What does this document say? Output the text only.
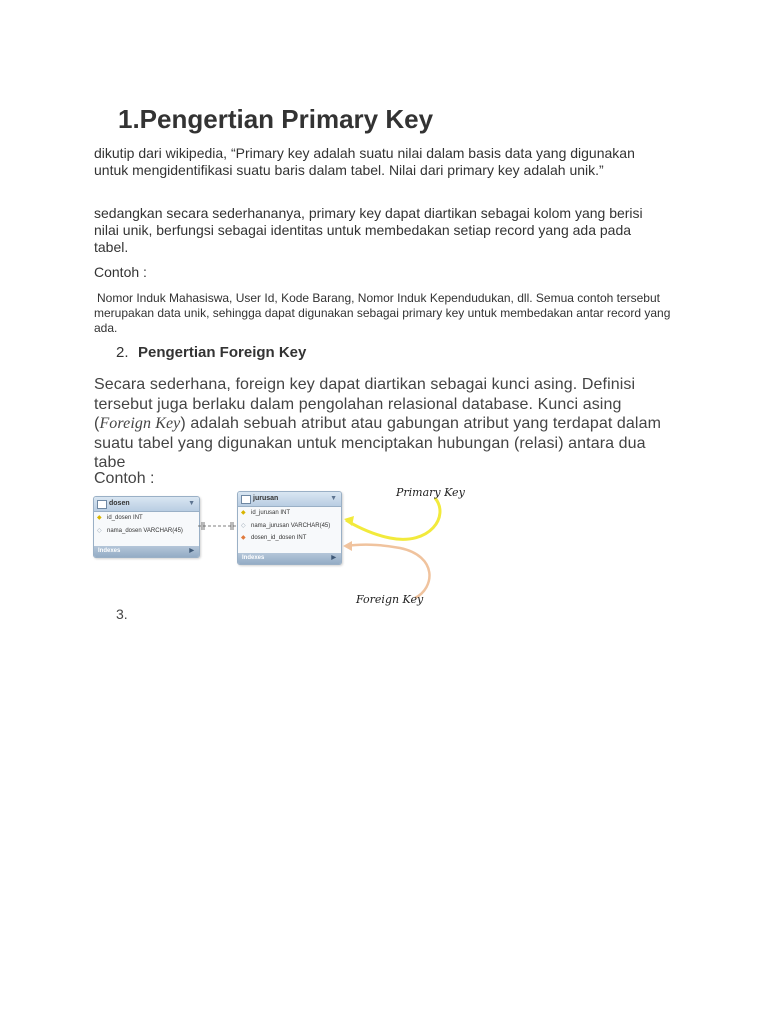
1.Pengertian Primary Key

dikutip dari wikipedia, “Primary key adalah suatu nilai dalam basis data yang digunakan untuk mengidentifikasi suatu baris dalam tabel. Nilai dari primary key adalah unik.”

sedangkan secara sederhananya, primary key dapat diartikan sebagai kolom yang berisi nilai unik, berfungsi sebagai identitas untuk membedakan setiap record yang ada pada tabel.

Contoh :

Nomor Induk Mahasiswa, User Id, Kode Barang, Nomor Induk Kependudukan, dll. Semua contoh tersebut merupakan data unik, sehingga dapat digunakan sebagai primary key untuk membedakan antar record yang ada.

2. Pengertian Foreign Key

Secara sederhana, foreign key dapat diartikan sebagai kunci asing. Definisi tersebut juga berlaku dalam pengolahan relasional database. Kunci asing (Foreign Key) adalah sebuah atribut atau gabungan atribut yang terdapat dalam suatu tabel yang digunakan untuk menciptakan hubungan (relasi) antara dua tabe

Contoh :
dosen	▼
◆ id_dosen INT
◇ nama_dosen VARCHAR(45)
Indexes	▶
jurusan	▼
◆ id_jurusan INT
◇ nama_jurusan VARCHAR(45)
◆ dosen_id_dosen INT
Indexes	▶
Primary Key
Foreign Key
3.
